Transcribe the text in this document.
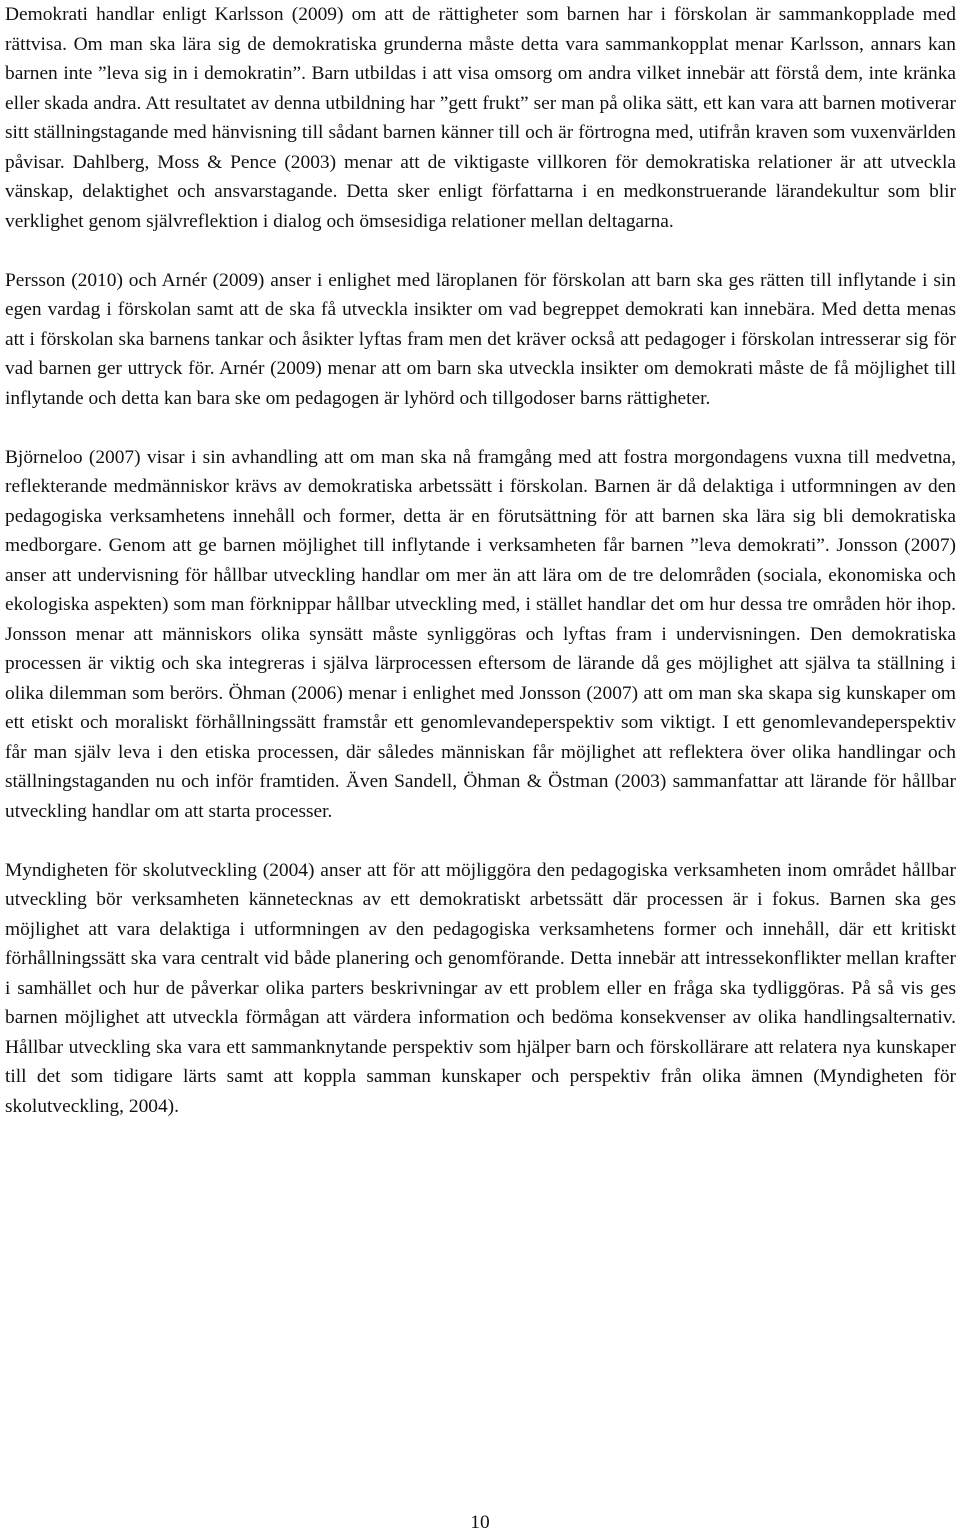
Demokrati handlar enligt Karlsson (2009) om att de rättigheter som barnen har i förskolan är sammankopplade med rättvisa. Om man ska lära sig de demokratiska grunderna måste detta vara sammankopplat menar Karlsson, annars kan barnen inte ”leva sig in i demokratin”. Barn utbildas i att visa omsorg om andra vilket innebär att förstå dem, inte kränka eller skada andra. Att resultatet av denna utbildning har ”gett frukt” ser man på olika sätt, ett kan vara att barnen motiverar sitt ställningstagande med hänvisning till sådant barnen känner till och är förtrogna med, utifrån kraven som vuxenvärlden påvisar. Dahlberg, Moss & Pence (2003) menar att de viktigaste villkoren för demokratiska relationer är att utveckla vänskap, delaktighet och ansvarstagande. Detta sker enligt författarna i en medkonstruerande lärandekultur som blir verklighet genom självreflektion i dialog och ömsesidiga relationer mellan deltagarna.

Persson (2010) och Arnér (2009) anser i enlighet med läroplanen för förskolan att barn ska ges rätten till inflytande i sin egen vardag i förskolan samt att de ska få utveckla insikter om vad begreppet demokrati kan innebära. Med detta menas att i förskolan ska barnens tankar och åsikter lyftas fram men det kräver också att pedagoger i förskolan intresserar sig för vad barnen ger uttryck för. Arnér (2009) menar att om barn ska utveckla insikter om demokrati måste de få möjlighet till inflytande och detta kan bara ske om pedagogen är lyhörd och tillgodoser barns rättigheter.

Björneloo (2007) visar i sin avhandling att om man ska nå framgång med att fostra morgondagens vuxna till medvetna, reflekterande medmänniskor krävs av demokratiska arbetssätt i förskolan. Barnen är då delaktiga i utformningen av den pedagogiska verksamhetens innehåll och former, detta är en förutsättning för att barnen ska lära sig bli demokratiska medborgare. Genom att ge barnen möjlighet till inflytande i verksamheten får barnen ”leva demokrati”. Jonsson (2007) anser att undervisning för hållbar utveckling handlar om mer än att lära om de tre delområden (sociala, ekonomiska och ekologiska aspekten) som man förknippar hållbar utveckling med, i stället handlar det om hur dessa tre områden hör ihop. Jonsson menar att människors olika synsätt måste synliggöras och lyftas fram i undervisningen. Den demokratiska processen är viktig och ska integreras i själva lärprocessen eftersom de lärande då ges möjlighet att själva ta ställning i olika dilemman som berörs. Öhman (2006) menar i enlighet med Jonsson (2007) att om man ska skapa sig kunskaper om ett etiskt och moraliskt förhållningssätt framstår ett genomlevandeperspektiv som viktigt. I ett genomlevandeperspektiv får man själv leva i den etiska processen, där således människan får möjlighet att reflektera över olika handlingar och ställningstaganden nu och inför framtiden. Även Sandell, Öhman & Östman (2003) sammanfattar att lärande för hållbar utveckling handlar om att starta processer.

Myndigheten för skolutveckling (2004) anser att för att möjliggöra den pedagogiska verksamheten inom området hållbar utveckling bör verksamheten kännetecknas av ett demokratiskt arbetssätt där processen är i fokus. Barnen ska ges möjlighet att vara delaktiga i utformningen av den pedagogiska verksamhetens former och innehåll, där ett kritiskt förhållningssätt ska vara centralt vid både planering och genomförande. Detta innebär att intressekonflikter mellan krafter i samhället och hur de påverkar olika parters beskrivningar av ett problem eller en fråga ska tydliggöras. På så vis ges barnen möjlighet att utveckla förmågan att värdera information och bedöma konsekvenser av olika handlingsalternativ. Hållbar utveckling ska vara ett sammanknytande perspektiv som hjälper barn och förskollärare att relatera nya kunskaper till det som tidigare lärts samt att koppla samman kunskaper och perspektiv från olika ämnen (Myndigheten för skolutveckling, 2004).

10
